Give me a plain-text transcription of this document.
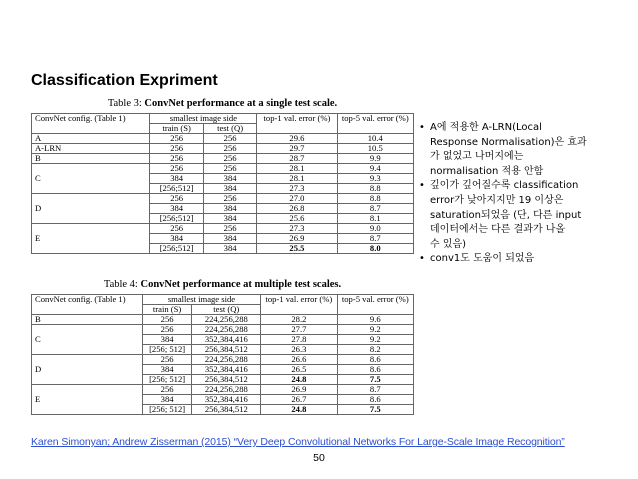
Classification Expriment
Table 3: ConvNet performance at a single test scale.
ConvNet config. (Table 1)	smallest image side		top-1 val. error (%)	top-5 val. error (%)
	train (S)	test (Q)		
A	256	256	29.6	10.4
A-LRN	256	256	29.7	10.5
B	256	256	28.7	9.9
C	256	256	28.1	9.4
	384	384	28.1	9.3
	[256;512]	384	27.3	8.8
D	256	256	27.0	8.8
	384	384	26.8	8.7
	[256;512]	384	25.6	8.1
E	256	256	27.3	9.0
	384	384	26.9	8.7
	[256;512]	384	25.5	8.0
Table 4: ConvNet performance at multiple test scales.
ConvNet config. (Table 1)	smallest image side		top-1 val. error (%)	top-5 val. error (%)
	train (S)	test (Q)		
B	256	224,256,288	28.2	9.6
C	256	224,256,288	27.7	9.2
	384	352,384,416	27.8	9.2
	[256; 512]	256,384,512	26.3	8.2
D	256	224,256,288	26.6	8.6
	384	352,384,416	26.5	8.6
	[256; 512]	256,384,512	24.8	7.5
E	256	224,256,288	26.9	8.7
	384	352,384,416	26.7	8.6
	[256; 512]	256,384,512	24.8	7.5
• A에 적용한 A-LRN(Local
Response Normalisation)은 효과
가 없었고 나머지에는
normalisation 적용 안함
• 깊이가 깊어질수록 classification
error가 낮아지지만 19 이상은
saturation되었음 (단, 다른 input
데이터에서는 다른 결과가 나올
수 있음)
• conv1도 도움이 되었음
Karen Simonyan; Andrew Zisserman (2015) “Very Deep Convolutional Networks For Large-Scale Image Recognition”
50
